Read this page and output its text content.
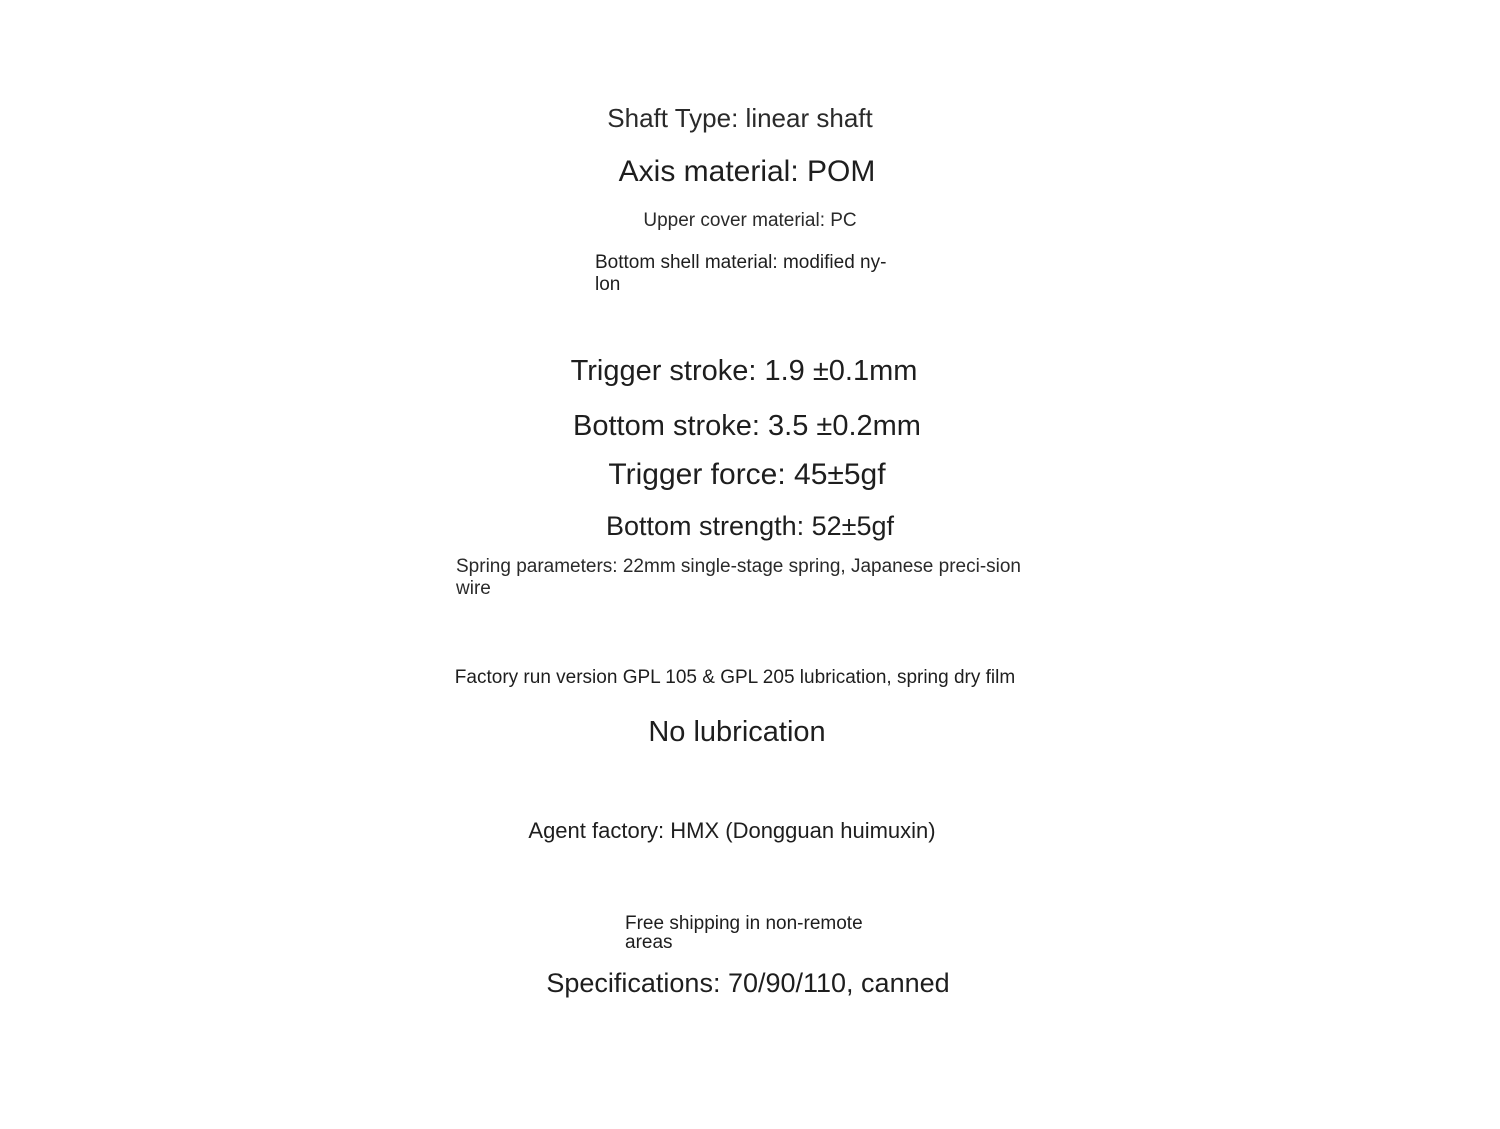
Shaft Type: linear shaft

Axis material: POM

Upper cover material: PC

Bottom shell material: modified ny-lon

Trigger stroke: 1.9 ±0.1mm

Bottom stroke: 3.5 ±0.2mm

Trigger force: 45±5gf

Bottom strength: 52±5gf

Spring parameters: 22mm single-stage spring, Japanese preci-sion wire

Factory run version GPL 105 & GPL 205 lubrication, spring dry film

No lubrication

Agent factory: HMX (Dongguan huimuxin)

Free shipping in non-remote areas

Specifications: 70/90/110, canned
